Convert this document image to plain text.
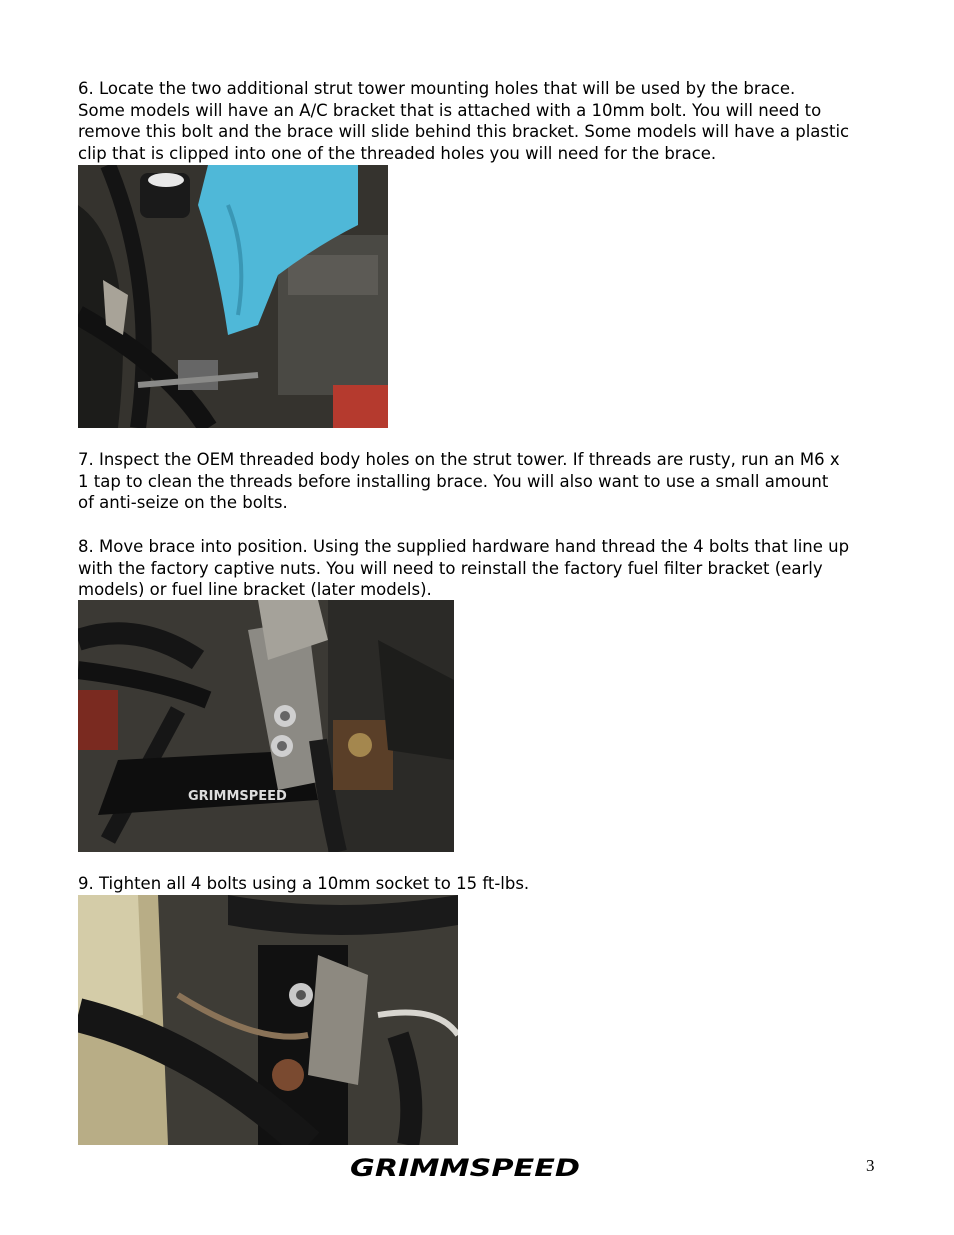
6. Locate the two additional strut tower mounting holes that will be used by the brace.
Some models will have an A/C bracket that is attached with a 10mm bolt. You will need to
remove this bolt and the brace will slide behind this bracket. Some models will have a plastic
clip that is clipped into one of the threaded holes you will need for the brace.
7. Inspect the OEM threaded body holes on the strut tower. If threads are rusty, run an M6 x
1 tap to clean the threads before installing brace. You will also want to use a small amount
of anti-seize on the bolts.
8. Move brace into position. Using the supplied hardware hand thread the 4 bolts that line up
with the factory captive nuts. You will need to reinstall the factory fuel filter bracket (early
models) or fuel line bracket (later models).
GRIMMSPEED
9. Tighten all 4 bolts using a 10mm socket to 15 ft-lbs.
GRIMMSPEED	3
